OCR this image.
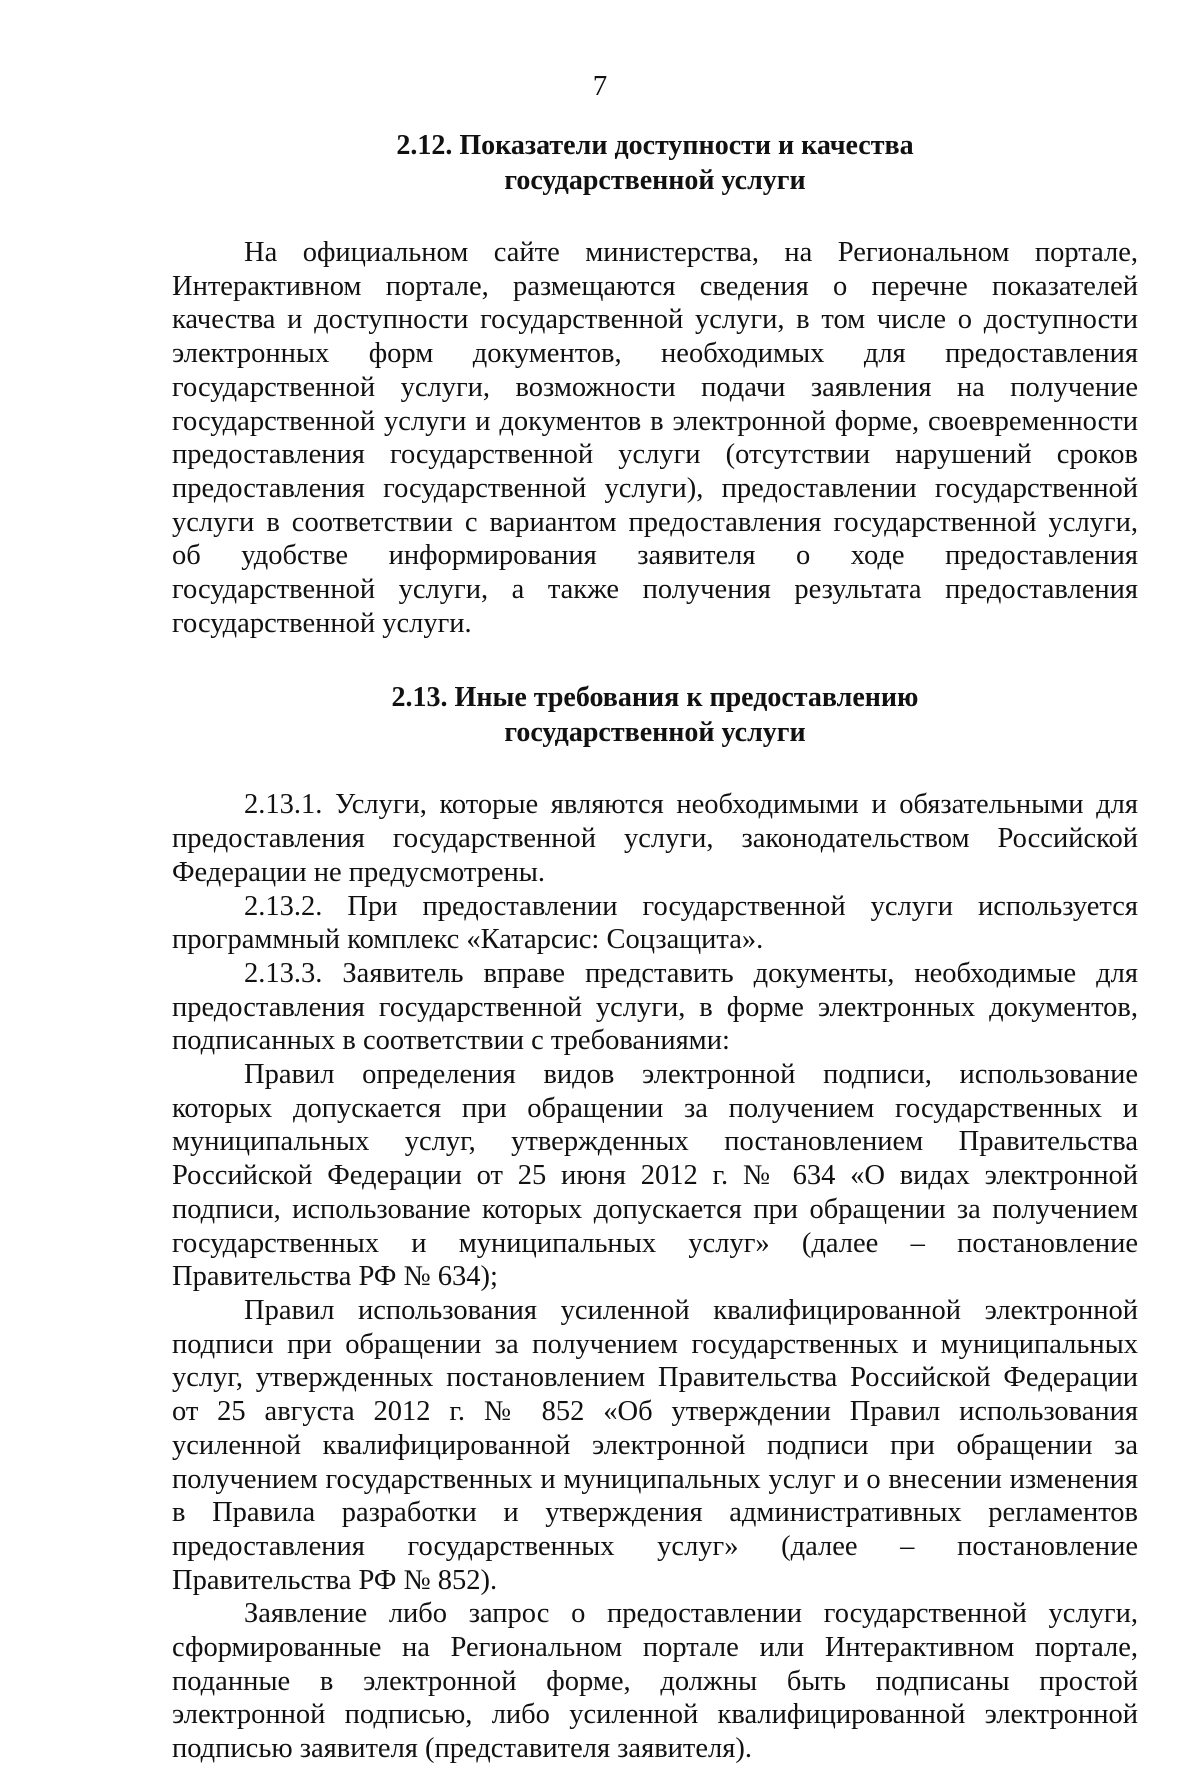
7
2.12. Показатели доступности и качества
государственной услуги

На официальном сайте министерства, на Региональном портале, Интерактивном портале, размещаются сведения о перечне показателей качества и доступности государственной услуги, в том числе о доступности электронных форм документов, необходимых для предоставления государственной услуги, возможности подачи заявления на получение государственной услуги и документов в электронной форме, своевременности предоставления государственной услуги (отсутствии нарушений сроков предоставления государственной услуги), предоставлении государственной услуги в соответствии с вариантом предоставления государственной услуги, об удобстве информирования заявителя о ходе предоставления государственной услуги, а также получения результата предоставления государственной услуги.

2.13. Иные требования к предоставлению
государственной услуги

2.13.1. Услуги, которые являются необходимыми и обязательными для предоставления государственной услуги, законодательством Российской Федерации не предусмотрены.

2.13.2. При предоставлении государственной услуги используется программный комплекс «Катарсис: Соцзащита».

2.13.3. Заявитель вправе представить документы, необходимые для предоставления государственной услуги, в форме электронных документов, подписанных в соответствии с требованиями:

Правил определения видов электронной подписи, использование которых допускается при обращении за получением государственных и муниципальных услуг, утвержденных постановлением Правительства Российской Федерации от 25 июня 2012 г. № 634 «О видах электронной подписи, использование которых допускается при обращении за получением государственных и муниципальных услуг» (далее – постановление Правительства РФ № 634);

Правил использования усиленной квалифицированной электронной подписи при обращении за получением государственных и муниципальных услуг, утвержденных постановлением Правительства Российской Федерации от 25 августа 2012 г. № 852 «Об утверждении Правил использования усиленной квалифицированной электронной подписи при обращении за получением государственных и муниципальных услуг и о внесении изменения в Правила разработки и утверждения административных регламентов предоставления государственных услуг» (далее – постановление Правительства РФ № 852).

Заявление либо запрос о предоставлении государственной услуги, сформированные на Региональном портале или Интерактивном портале, поданные в электронной форме, должны быть подписаны простой электронной подписью, либо усиленной квалифицированной электронной подписью заявителя (представителя заявителя).
